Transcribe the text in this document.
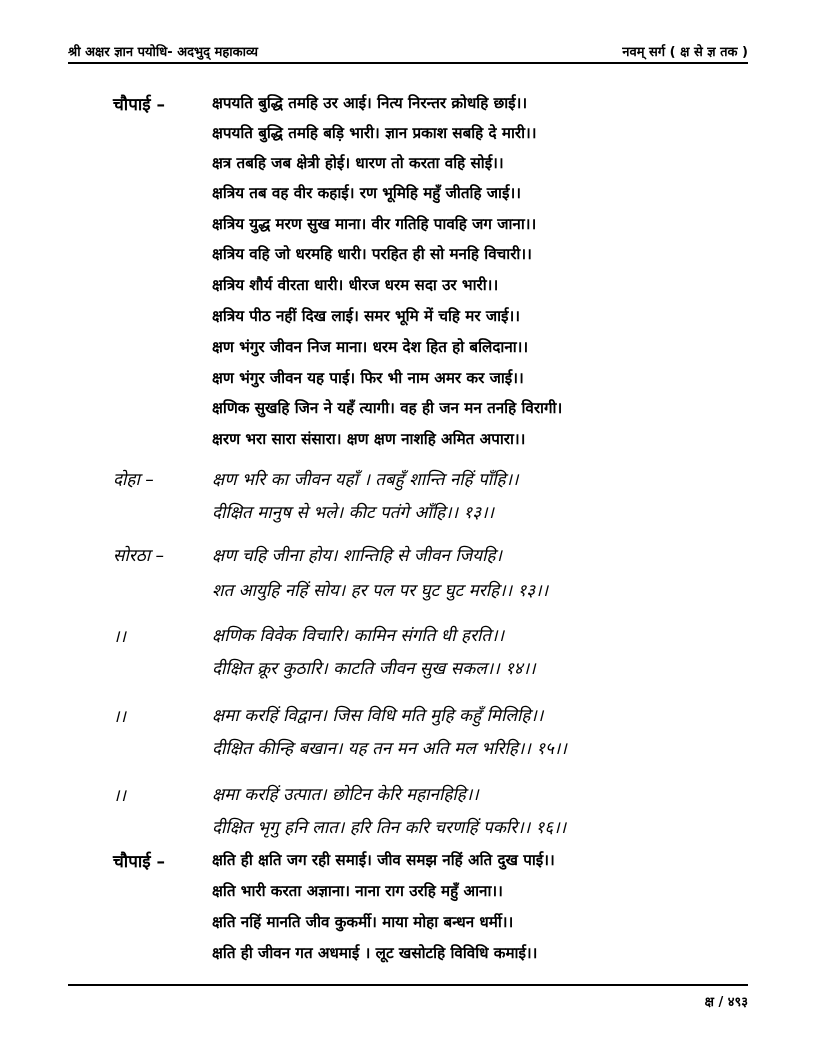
श्री अक्षर ज्ञान पयोधि- अदभुद् महाकाव्य	नवम् सर्ग ( क्ष से ज्ञ तक )
चौपाई –	क्षपयति बुद्धि तमहि उर आई। नित्य निरन्तर क्रोधहि छाई।।
क्षपयति बुद्धि तमहि बड़ि भारी। ज्ञान प्रकाश सबहि दे मारी।।
क्षत्र तबहि जब क्षेत्री होई। धारण तो करता वहि सोई।।
क्षत्रिय तब वह वीर कहाई। रण भूमिहि महुँ जीतहि जाई।।
क्षत्रिय युद्ध मरण सुख माना। वीर गतिहि पावहि जग जाना।।
क्षत्रिय वहि जो धरमहि धारी। परहित ही सो मनहि विचारी।।
क्षत्रिय शौर्य वीरता धारी। धीरज धरम सदा उर भारी।।
क्षत्रिय पीठ नहीं दिख लाई। समर भूमि में चहि मर जाई।।
क्षण भंगुर जीवन निज माना। धरम देश हित हो बलिदाना।।
क्षण भंगुर जीवन यह पाई। फिर भी नाम अमर कर जाई।।
क्षणिक सुखहि जिन ने यहँ त्यागी। वह ही जन मन तनहि विरागी।
क्षरण भरा सारा संसारा। क्षण क्षण नाशहि अमित अपारा।।
दोहा –	क्षण भरि का जीवन यहाँ । तबहुँ शान्ति नहिं पाँहि।।
दीक्षित मानुष से भले। कीट पतंगे आँहि।। १३।।
सोरठा –	क्षण चहि जीना होय। शान्तिहि से जीवन जियहि।
शत आयुहि नहिं सोय। हर पल पर घुट घुट मरहि।। १३।।
।।	क्षणिक विवेक विचारि। कामिन संगति धी हरति।।
दीक्षित क्रूर कुठारि। काटति जीवन सुख सकल।। १४।।
।।	क्षमा करहिं विद्वान। जिस विधि मति मुहि कहुँ मिलिहि।।
दीक्षित कीन्हि बखान। यह तन मन अति मल भरिहि।। १५।।
।।	क्षमा करहिं उत्पात। छोटिन केरि महानहिहि।।
दीक्षित भृगु हनि लात। हरि तिन करि चरणहिं पकरि।। १६।।
चौपाई –	क्षति ही क्षति जग रही समाई। जीव समझ नहिं अति दुख पाई।।
क्षति भारी करता अज्ञाना। नाना राग उरहि महुँ आना।।
क्षति नहिं मानति जीव कुकर्मी। माया मोहा बन्धन धर्मी।।
क्षति ही जीवन गत अधमाई । लूट खसोटहि विविधि कमाई।।
क्ष / ४९३
